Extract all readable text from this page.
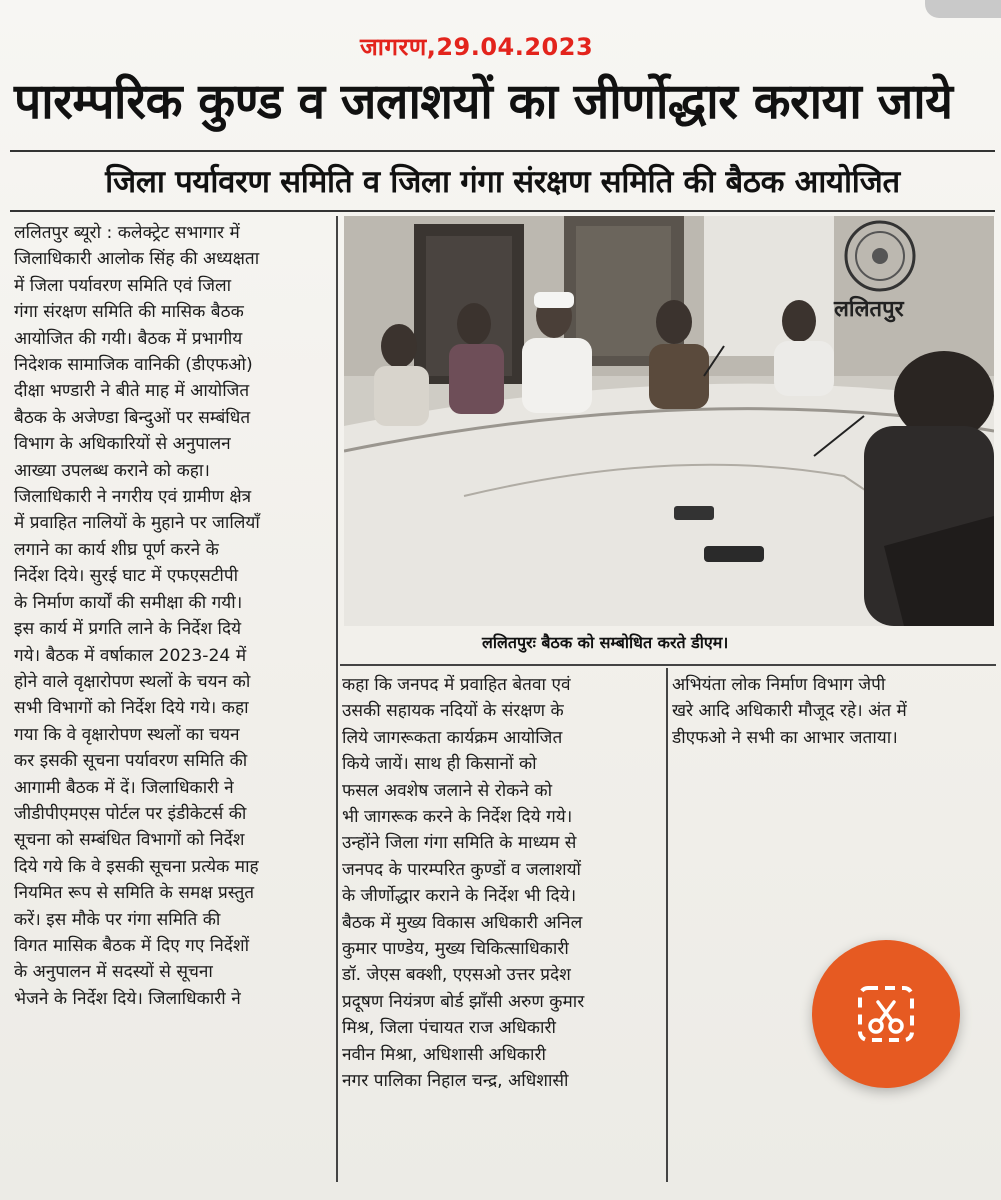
जागरण,29.04.2023
पारम्परिक कुण्ड व जलाशयों का जीर्णोद्धार कराया जाये
जिला पर्यावरण समिति व जिला गंगा संरक्षण समिति की बैठक आयोजित
ललितपुर ब्यूरो : कलेक्ट्रेट सभागार में
जिलाधिकारी आलोक सिंह की अध्यक्षता
में जिला पर्यावरण समिति एवं जिला
गंगा संरक्षण समिति की मासिक बैठक
आयोजित की गयी। बैठक में प्रभागीय
निदेशक सामाजिक वानिकी (डीएफओ)
दीक्षा भण्डारी ने बीते माह में आयोजित
बैठक के अजेण्डा बिन्दुओं पर सम्बंधित
विभाग के अधिकारियों से अनुपालन
आख्या उपलब्ध कराने को कहा।
जिलाधिकारी ने नगरीय एवं ग्रामीण क्षेत्र
में प्रवाहित नालियों के मुहाने पर जालियाँ
लगाने का कार्य शीघ्र पूर्ण करने के
निर्देश दिये। सुरई घाट में एफएसटीपी
के निर्माण कार्यों की समीक्षा की गयी।
इस कार्य में प्रगति लाने के निर्देश दिये
गये। बैठक में वर्षाकाल 2023-24 में
होने वाले वृक्षारोपण स्थलों के चयन को
सभी विभागों को निर्देश दिये गये। कहा
गया कि वे वृक्षारोपण स्थलों का चयन
कर इसकी सूचना पर्यावरण समिति की
आगामी बैठक में दें। जिलाधिकारी ने
जीडीपीएमएस पोर्टल पर इंडीकेटर्स की
सूचना को सम्बंधित विभागों को निर्देश
दिये गये कि वे इसकी सूचना प्रत्येक माह
नियमित रूप से समिति के समक्ष प्रस्तुत
करें। इस मौके पर गंगा समिति की
विगत मासिक बैठक में दिए गए निर्देशों
के अनुपालन में सदस्यों से सूचना
भेजने के निर्देश दिये। जिलाधिकारी ने
ललितपुर
ललितपुरः बैठक को सम्बोधित करते डीएम।
कहा कि जनपद में प्रवाहित बेतवा एवं
उसकी सहायक नदियों के संरक्षण के
लिये जागरूकता कार्यक्रम आयोजित
किये जायें। साथ ही किसानों को
फसल अवशेष जलाने से रोकने को
भी जागरूक करने के निर्देश दिये गये।
उन्होंने जिला गंगा समिति के माध्यम से
जनपद के पारम्परित कुण्डों व जलाशयों
के जीर्णोद्धार कराने के निर्देश भी दिये।
बैठक में मुख्य विकास अधिकारी अनिल
कुमार पाण्डेय, मुख्य चिकित्साधिकारी
डॉ. जेएस बक्शी, एएसओ उत्तर प्रदेश
प्रदूषण नियंत्रण बोर्ड झाँसी अरुण कुमार
मिश्र, जिला पंचायत राज अधिकारी
नवीन मिश्रा, अधिशासी अधिकारी
नगर पालिका निहाल चन्द्र, अधिशासी
अभियंता लोक निर्माण विभाग जेपी
खरे आदि अधिकारी मौजूद रहे। अंत में
डीएफओ ने सभी का आभार जताया।
